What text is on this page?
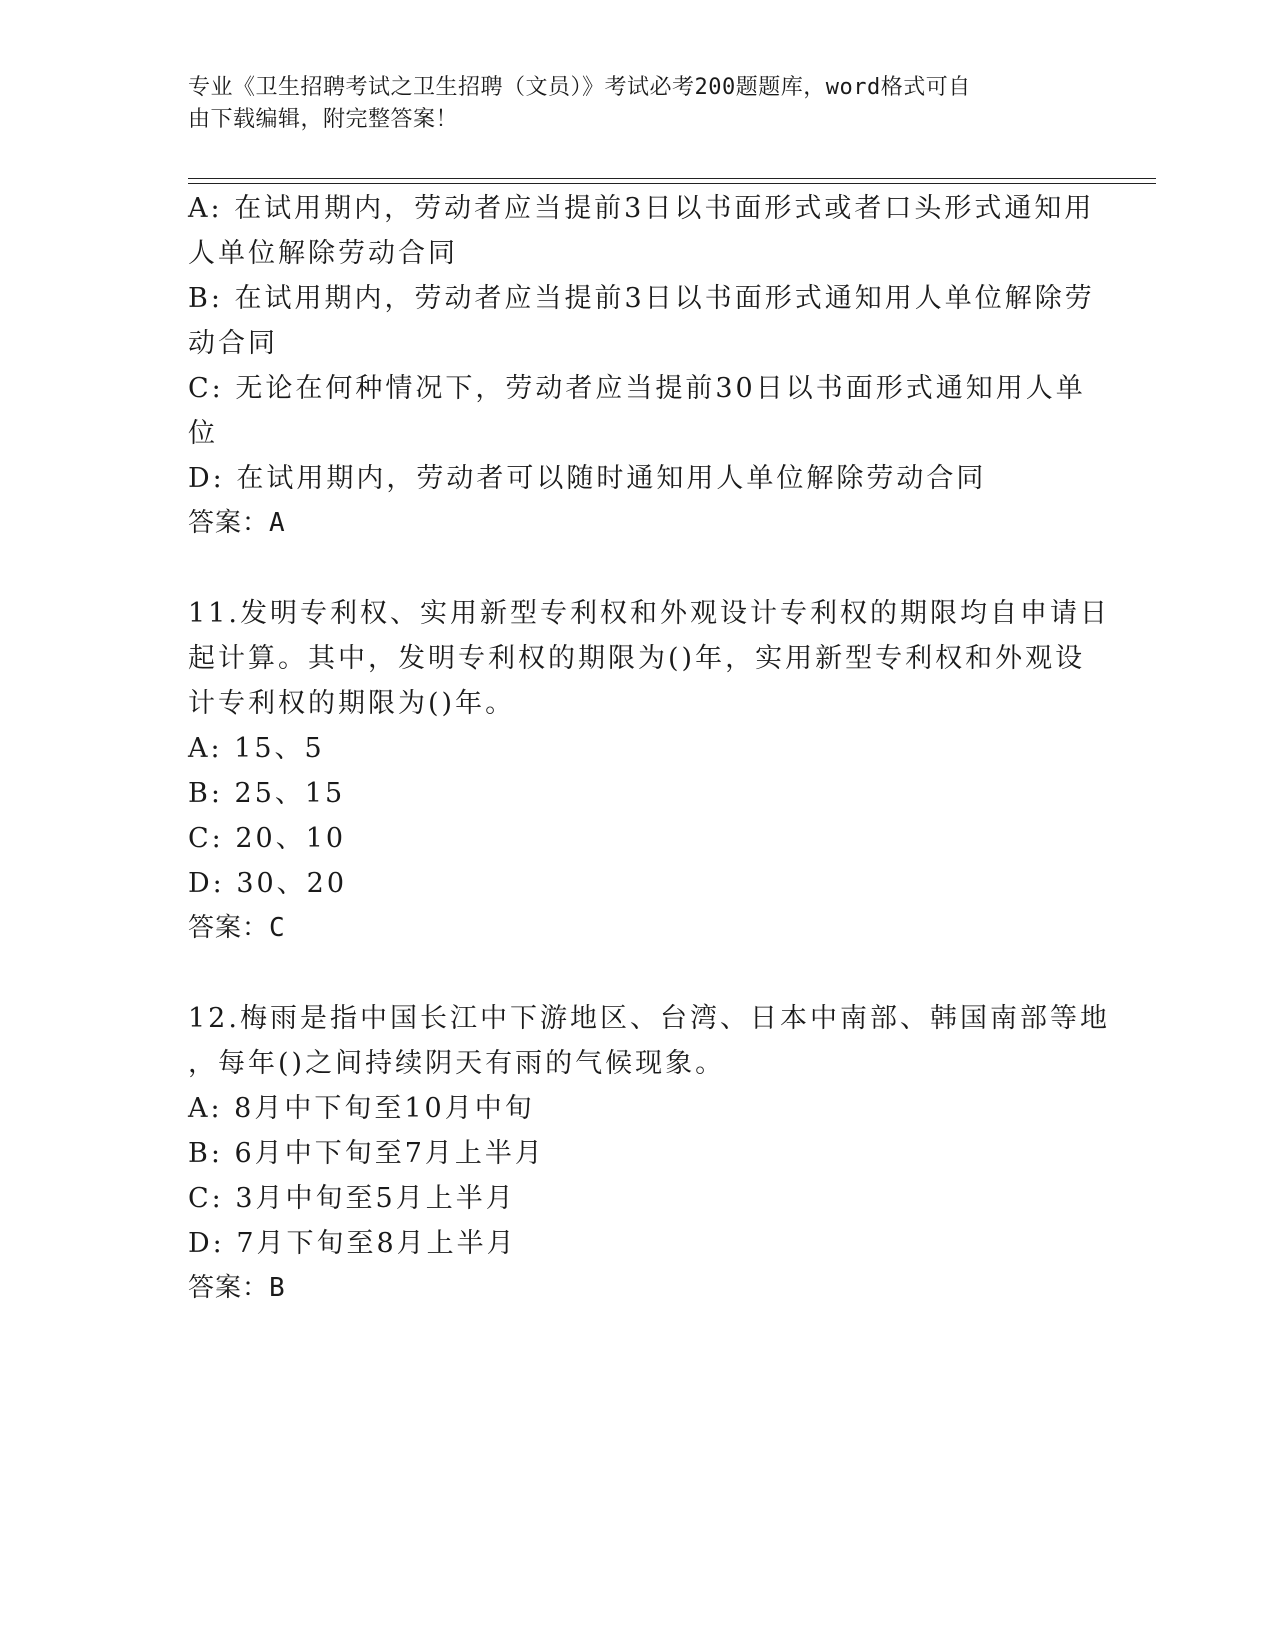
专业《卫生招聘考试之卫生招聘（文员）》考试必考200题题库，word格式可自
由下载编辑，附完整答案！
A: 在试用期内，劳动者应当提前3日以书面形式或者口头形式通知用
人单位解除劳动合同
B: 在试用期内，劳动者应当提前3日以书面形式通知用人单位解除劳
动合同
C: 无论在何种情况下，劳动者应当提前30日以书面形式通知用人单
位
D: 在试用期内，劳动者可以随时通知用人单位解除劳动合同
答案：A
11.发明专利权、实用新型专利权和外观设计专利权的期限均自申请日
起计算。其中，发明专利权的期限为()年，实用新型专利权和外观设
计专利权的期限为()年。
A: 15、5
B: 25、15
C: 20、10
D: 30、20
答案：C
12.梅雨是指中国长江中下游地区、台湾、日本中南部、韩国南部等地
，每年()之间持续阴天有雨的气候现象。
A: 8月中下旬至10月中旬
B: 6月中下旬至7月上半月
C: 3月中旬至5月上半月
D: 7月下旬至8月上半月
答案：B
